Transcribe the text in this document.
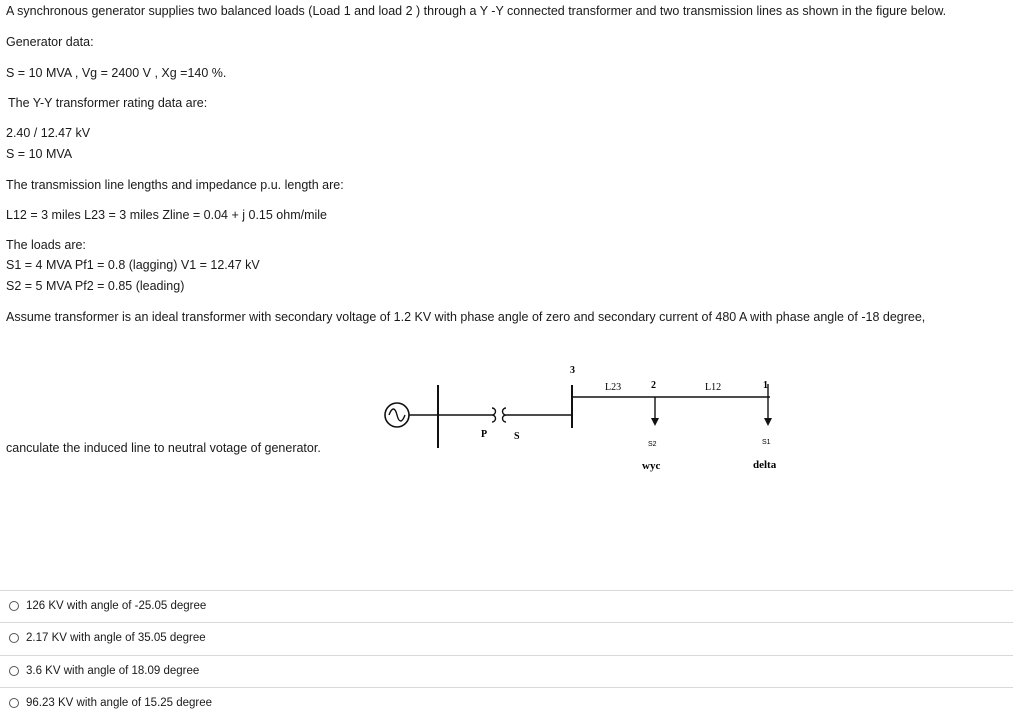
A synchronous generator supplies two balanced loads (Load 1 and load 2 ) through a Y -Y connected transformer and two transmission lines as shown in the figure below.
Generator data:
S = 10 MVA , Vg = 2400 V , Xg =140 %.
The Y-Y transformer rating data are:
2.40 / 12.47 kV
S = 10 MVA
The transmission line lengths and impedance p.u. length are:
L12 = 3 miles L23 = 3 miles Zline = 0.04 + j 0.15 ohm/mile
The loads are:
S1 = 4 MVA Pf1 = 0.8 (lagging) V1 = 12.47 kV
S2 = 5 MVA Pf2 = 0.85 (leading)
Assume transformer is an ideal transformer with secondary voltage of 1.2 KV with phase angle of zero and secondary current of 480 A with phase angle of -18 degree,
canculate the induced line to neutral votage of generator.
3
L23	2	L12	1
P	S
S2	S1
wyc	delta
126 KV with angle of -25.05 degree
2.17 KV with angle of 35.05 degree
3.6 KV with angle of 18.09 degree
96.23 KV with angle of 15.25 degree
